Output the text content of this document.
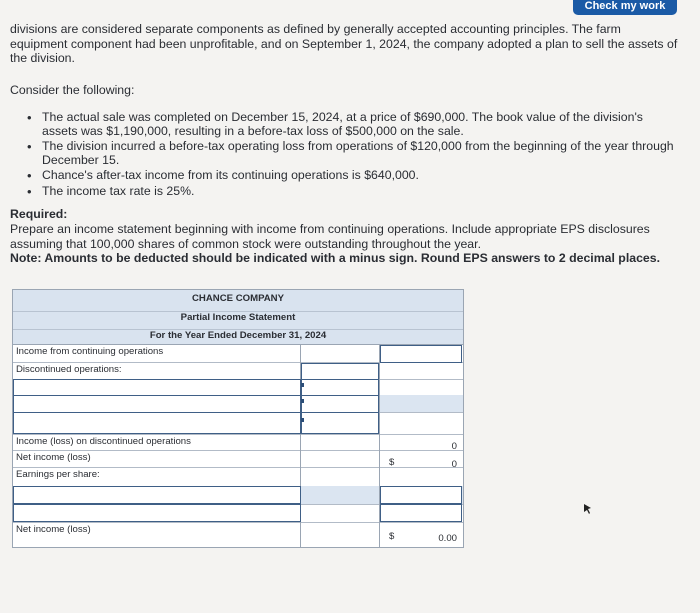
Check my work
divisions are considered separate components as defined by generally accepted accounting principles. The farm equipment component had been unprofitable, and on September 1, 2024, the company adopted a plan to sell the assets of the division.
Consider the following:
• The actual sale was completed on December 15, 2024, at a price of $690,000. The book value of the division's assets was $1,190,000, resulting in a before-tax loss of $500,000 on the sale.
• The division incurred a before-tax operating loss from operations of $120,000 from the beginning of the year through December 15.
• Chance's after-tax income from its continuing operations is $640,000.
• The income tax rate is 25%.
Required:
Prepare an income statement beginning with income from continuing operations. Include appropriate EPS disclosures assuming that 100,000 shares of common stock were outstanding throughout the year.
Note: Amounts to be deducted should be indicated with a minus sign. Round EPS answers to 2 decimal places.
CHANCE COMPANY
Partial Income Statement
For the Year Ended December 31, 2024
Income from continuing operations
Discontinued operations:
Income (loss) on discontinued operations
Net income (loss)
Earnings per share:
Net income (loss)
0
$	0
$	0.00
